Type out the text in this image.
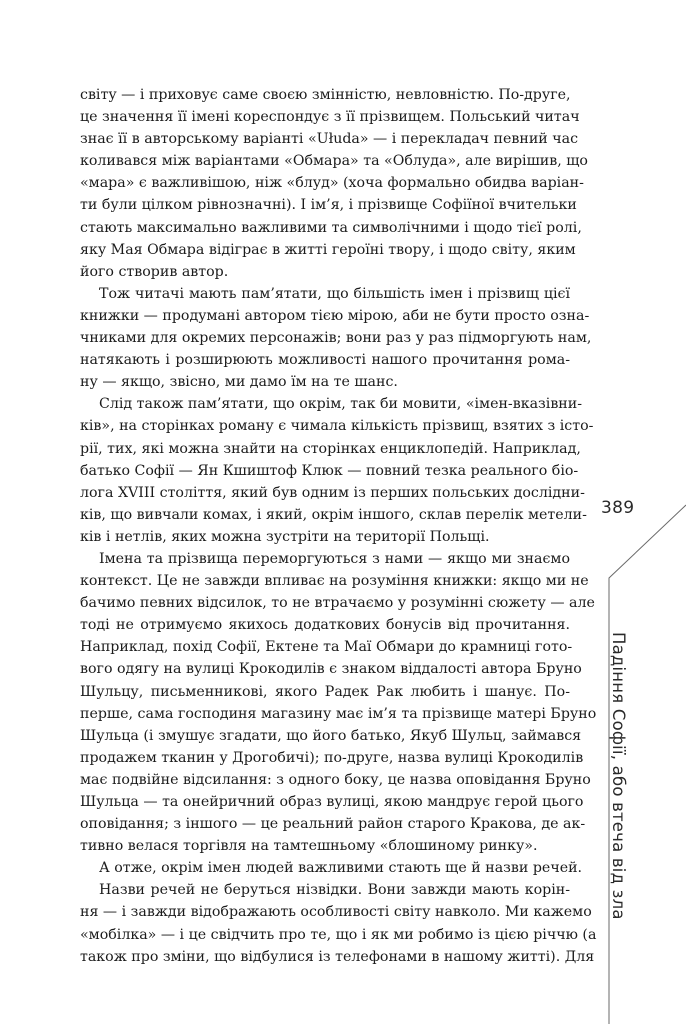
світу — і приховує саме своєю змінністю, невловністю. По-друге,
це значення її імені кореспондує з її прізвищем. Польський читач
знає її в авторському варіанті «Ułuda» — і перекладач певний час
коливався між варіантами «Обмара» та «Облуда», але вирішив, що
«мара» є важливішою, ніж «блуд» (хоча формально обидва варіан-
ти були цілком рівнозначні). І ім’я, і прізвище Софіїної вчительки
стають максимально важливими та символічними і щодо тієї ролі,
яку Мая Обмара відіграє в житті героїні твору, і щодо світу, яким
його створив автор.
Тож читачі мають пам’ятати, що більшість імен і прізвищ цієї
книжки — продумані автором тією мірою, аби не бути просто озна-
чниками для окремих персонажів; вони раз у раз підморгують нам,
натякають і розширюють можливості нашого прочитання рома-
ну — якщо, звісно, ми дамо їм на те шанс.
Слід також пам’ятати, що окрім, так би мовити, «імен-вказівни-
ків», на сторінках роману є чимала кількість прізвищ, взятих з істо-
рії, тих, які можна знайти на сторінках енциклопедій. Наприклад,
батько Софії — Ян Кшиштоф Клюк — повний тезка реального біо-
лога XVIII століття, який був одним із перших польських дослідни-
ків, що вивчали комах, і який, окрім іншого, склав перелік метели-
ків і нетлів, яких можна зустріти на території Польщі.
Імена та прізвища переморгуються з нами — якщо ми знаємо
контекст. Це не завжди впливає на розуміння книжки: якщо ми не
бачимо певних відсилок, то не втрачаємо у розумінні сюжету — але
тоді не отримуємо якихось додаткових бонусів від прочитання.
Наприклад, похід Софії, Ектене та Маї Обмари до крамниці гото-
вого одягу на вулиці Крокодилів є знаком віддалості автора Бруно
Шульцу, письменникові, якого Радек Рак любить і шанує. По-
перше, сама господиня магазину має ім’я та прізвище матері Бруно
Шульца (і змушує згадати, що його батько, Якуб Шульц, займався
продажем тканин у Дрогобичі); по-друге, назва вулиці Крокодилів
має подвійне відсилання: з одного боку, це назва оповідання Бруно
Шульца — та онейричний образ вулиці, якою мандрує герой цього
оповідання; з іншого — це реальний район старого Кракова, де ак-
тивно велася торгівля на тамтешньому «блошиному ринку».
А отже, окрім імен людей важливими стають ще й назви речей.
Назви речей не беруться нізвідки. Вони завжди мають корін-
ня — і завжди відображають особливості світу навколо. Ми кажемо
«мобілка» — і це свідчить про те, що і як ми робимо із цією річчю (а
також про зміни, що відбулися із телефонами в нашому житті). Для
389
Падіння Софії, або втеча від зла
